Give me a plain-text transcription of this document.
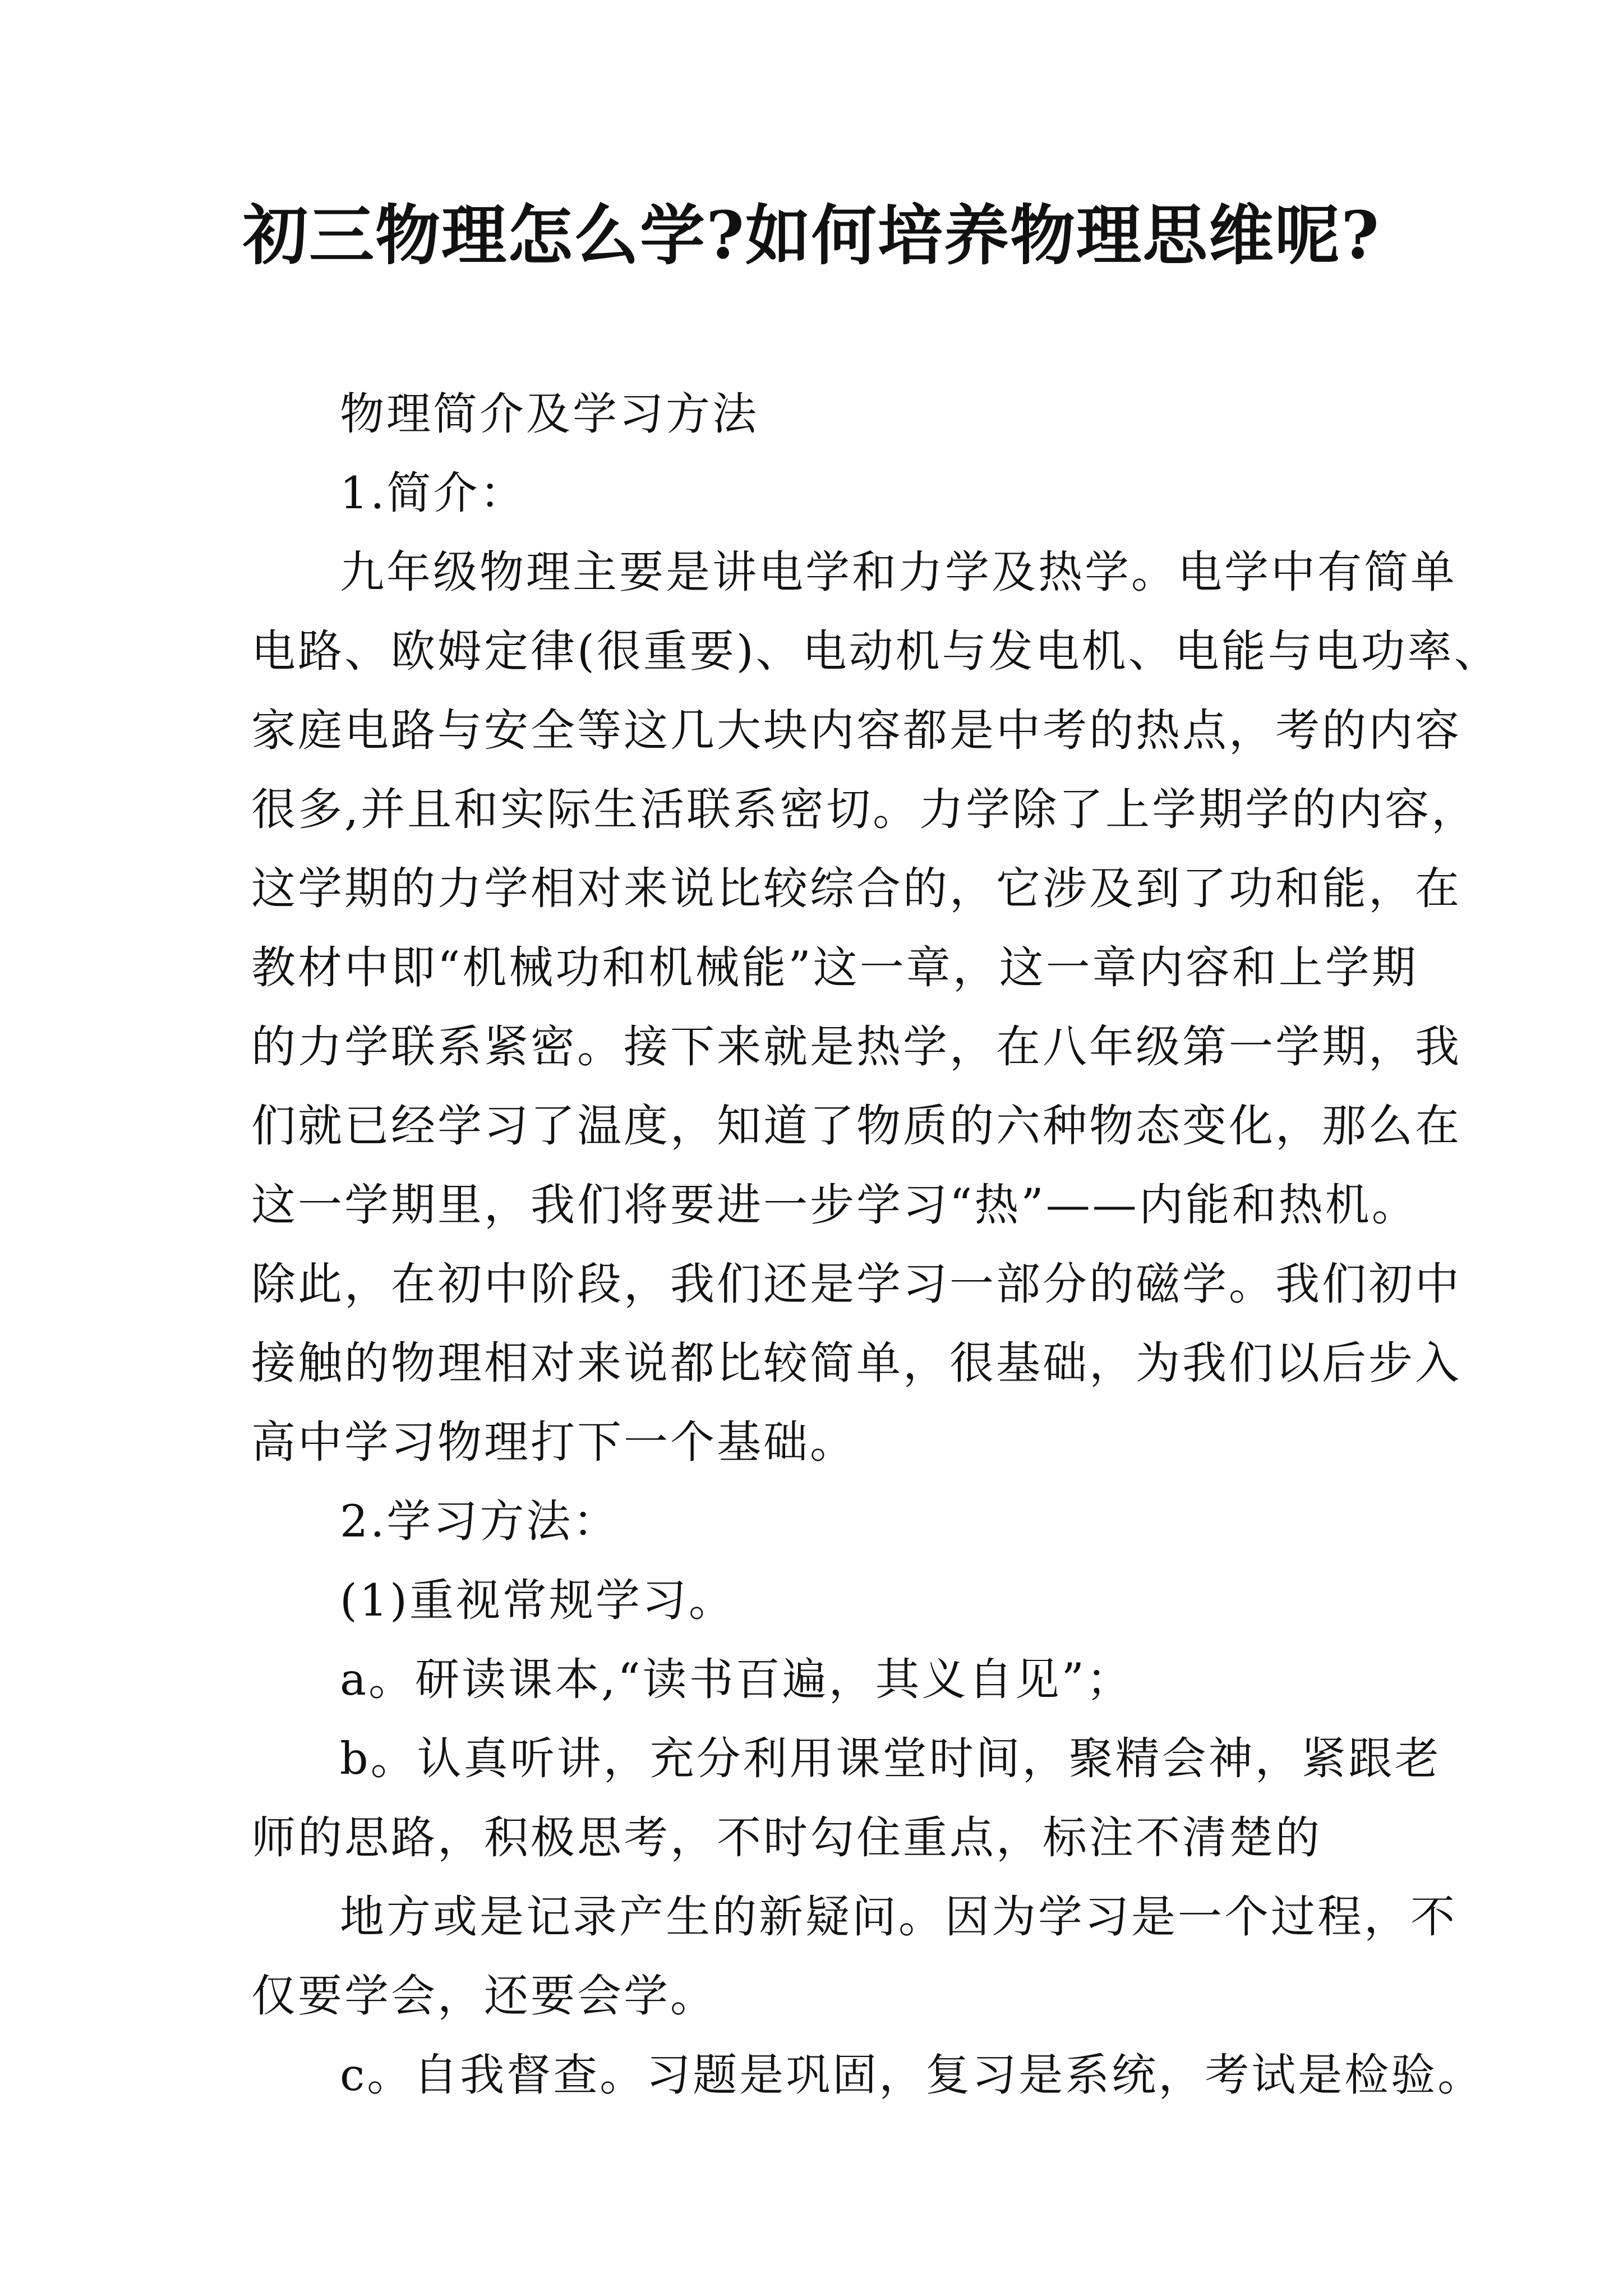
初三物理怎么学?如何培养物理思维呢?
物理简介及学习方法
1.简介：
九年级物理主要是讲电学和力学及热学。电学中有简单
电路、欧姆定律(很重要)、电动机与发电机、电能与电功率、
家庭电路与安全等这几大块内容都是中考的热点，考的内容
很多,并且和实际生活联系密切。力学除了上学期学的内容，
这学期的力学相对来说比较综合的，它涉及到了功和能，在
教材中即“机械功和机械能”这一章，这一章内容和上学期
的力学联系紧密。接下来就是热学，在八年级第一学期，我
们就已经学习了温度，知道了物质的六种物态变化，那么在
这一学期里，我们将要进一步学习“热”——内能和热机。
除此，在初中阶段，我们还是学习一部分的磁学。我们初中
接触的物理相对来说都比较简单，很基础，为我们以后步入
高中学习物理打下一个基础。
2.学习方法：
(1)重视常规学习。
a。研读课本,“读书百遍，其义自见”；
b。认真听讲，充分利用课堂时间，聚精会神，紧跟老
师的思路，积极思考，不时勾住重点，标注不清楚的
地方或是记录产生的新疑问。因为学习是一个过程，不
仅要学会，还要会学。
c。自我督查。习题是巩固，复习是系统，考试是检验。
